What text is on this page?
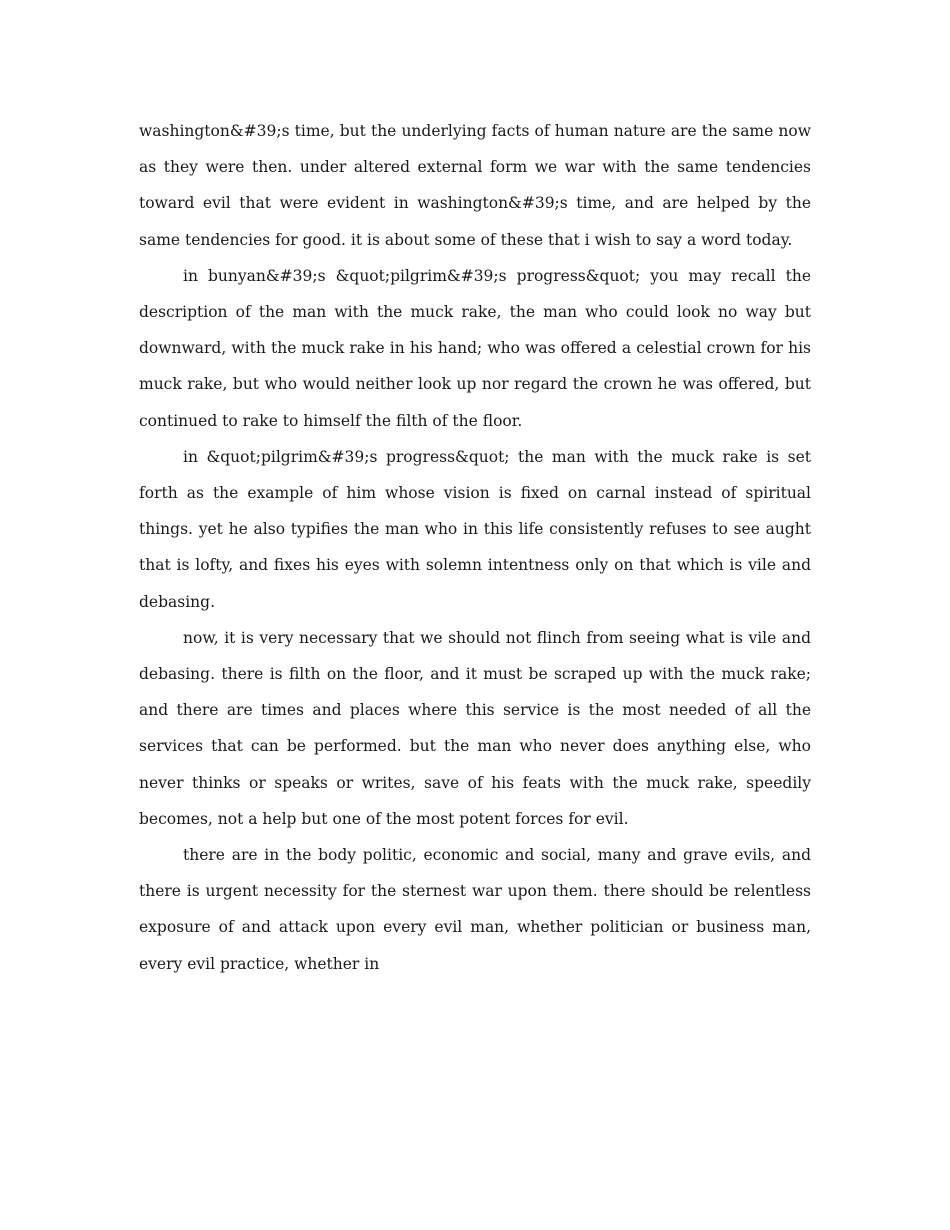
washington&#39;s time, but the underlying facts of human nature are the same now as they were then. under altered external form we war with the same tendencies toward evil that were evident in washington&#39;s time, and are helped by the same tendencies for good. it is about some of these that i wish to say a word today.

in bunyan&#39;s &quot;pilgrim&#39;s progress&quot; you may recall the description of the man with the muck rake, the man who could look no way but downward, with the muck rake in his hand; who was offered a celestial crown for his muck rake, but who would neither look up nor regard the crown he was offered, but continued to rake to himself the filth of the floor.

in &quot;pilgrim&#39;s progress&quot; the man with the muck rake is set forth as the example of him whose vision is fixed on carnal instead of spiritual things. yet he also typifies the man who in this life consistently refuses to see aught that is lofty, and fixes his eyes with solemn intentness only on that which is vile and debasing.

now, it is very necessary that we should not flinch from seeing what is vile and debasing. there is filth on the floor, and it must be scraped up with the muck rake; and there are times and places where this service is the most needed of all the services that can be performed. but the man who never does anything else, who never thinks or speaks or writes, save of his feats with the muck rake, speedily becomes, not a help but one of the most potent forces for evil.

there are in the body politic, economic and social, many and grave evils, and there is urgent necessity for the sternest war upon them. there should be relentless exposure of and attack upon every evil man, whether politician or business man, every evil practice, whether in
